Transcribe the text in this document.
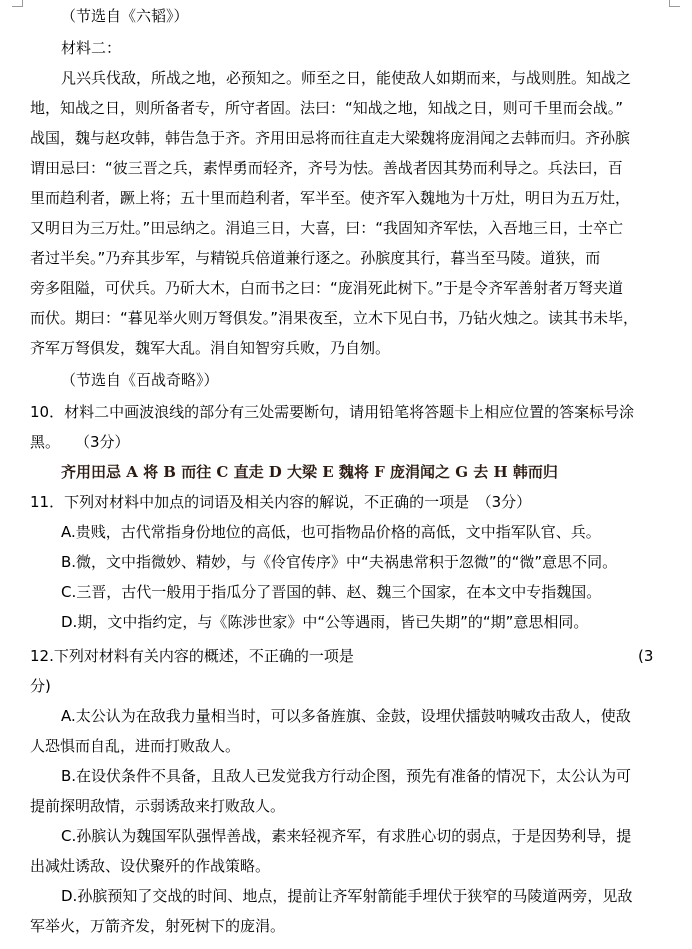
（节选自《六韬》）
材料二：
凡兴兵伐敌，所战之地，必预知之。师至之日，能使敌人如期而来，与战则胜。知战之
地，知战之日，则所备者专，所守者固。法曰：“知战之地，知战之日，则可千里而会战。”
战国，魏与赵攻韩，韩告急于齐。齐用田忌将而往直走大梁魏将庞涓闻之去韩而归。齐孙膑
谓田忌曰：“彼三晋之兵，素悍勇而轻齐，齐号为怯。善战者因其势而利导之。兵法曰，百
里而趋利者，蹶上将；五十里而趋利者，军半至。使齐军入魏地为十万灶，明日为五万灶，
又明日为三万灶。”田忌纳之。涓追三日，大喜，曰：“我固知齐军怯，入吾地三日，士卒亡
者过半矣。”乃弃其步军，与精锐兵倍道兼行逐之。孙膑度其行，暮当至马陵。道狭，而
旁多阻隘，可伏兵。乃斫大木，白而书之曰：“庞涓死此树下。”于是令齐军善射者万弩夹道
而伏。期曰：“暮见举火则万弩俱发。”涓果夜至，立木下见白书，乃钻火烛之。读其书未毕，
齐军万弩俱发，魏军大乱。涓自知智穷兵败，乃自刎。
（节选自《百战奇略》）
10．材料二中画波浪线的部分有三处需要断句，请用铅笔将答题卡上相应位置的答案标号涂
黑。　　（3分）
齐用田忌 A 将 B 而往 C 直走 D 大梁 E 魏将 F 庞涓闻之 G 去 H 韩而归
11．下列对材料中加点的词语及相关内容的解说，不正确的一项是　（3分）
A.贵贱，古代常指身份地位的高低，也可指物品价格的高低，文中指军队官、兵。
B.微，文中指微妙、精妙，与《伶官传序》中“夫祸患常积于忽微”的“微”意思不同。
C.三晋，古代一般用于指瓜分了晋国的韩、赵、魏三个国家，在本文中专指魏国。
D.期，文中指约定，与《陈涉世家》中“公等遇雨，皆已失期”的“期”意思相同。
12.下列对材料有关内容的概述，不正确的一项是	(3
分)
A.太公认为在敌我力量相当时，可以多备旌旗、金鼓，设埋伏擂鼓呐喊攻击敌人，使敌
人恐惧而自乱，进而打败敌人。
B.在设伏条件不具备，且敌人已发觉我方行动企图，预先有准备的情况下，太公认为可
提前探明敌情，示弱诱敌来打败敌人。
C.孙膑认为魏国军队强悍善战，素来轻视齐军，有求胜心切的弱点，于是因势利导，提
出减灶诱敌、设伏聚歼的作战策略。
D.孙膑预知了交战的时间、地点，提前让齐军射箭能手埋伏于狭窄的马陵道两旁，见敌
军举火，万箭齐发，射死树下的庞涓。
